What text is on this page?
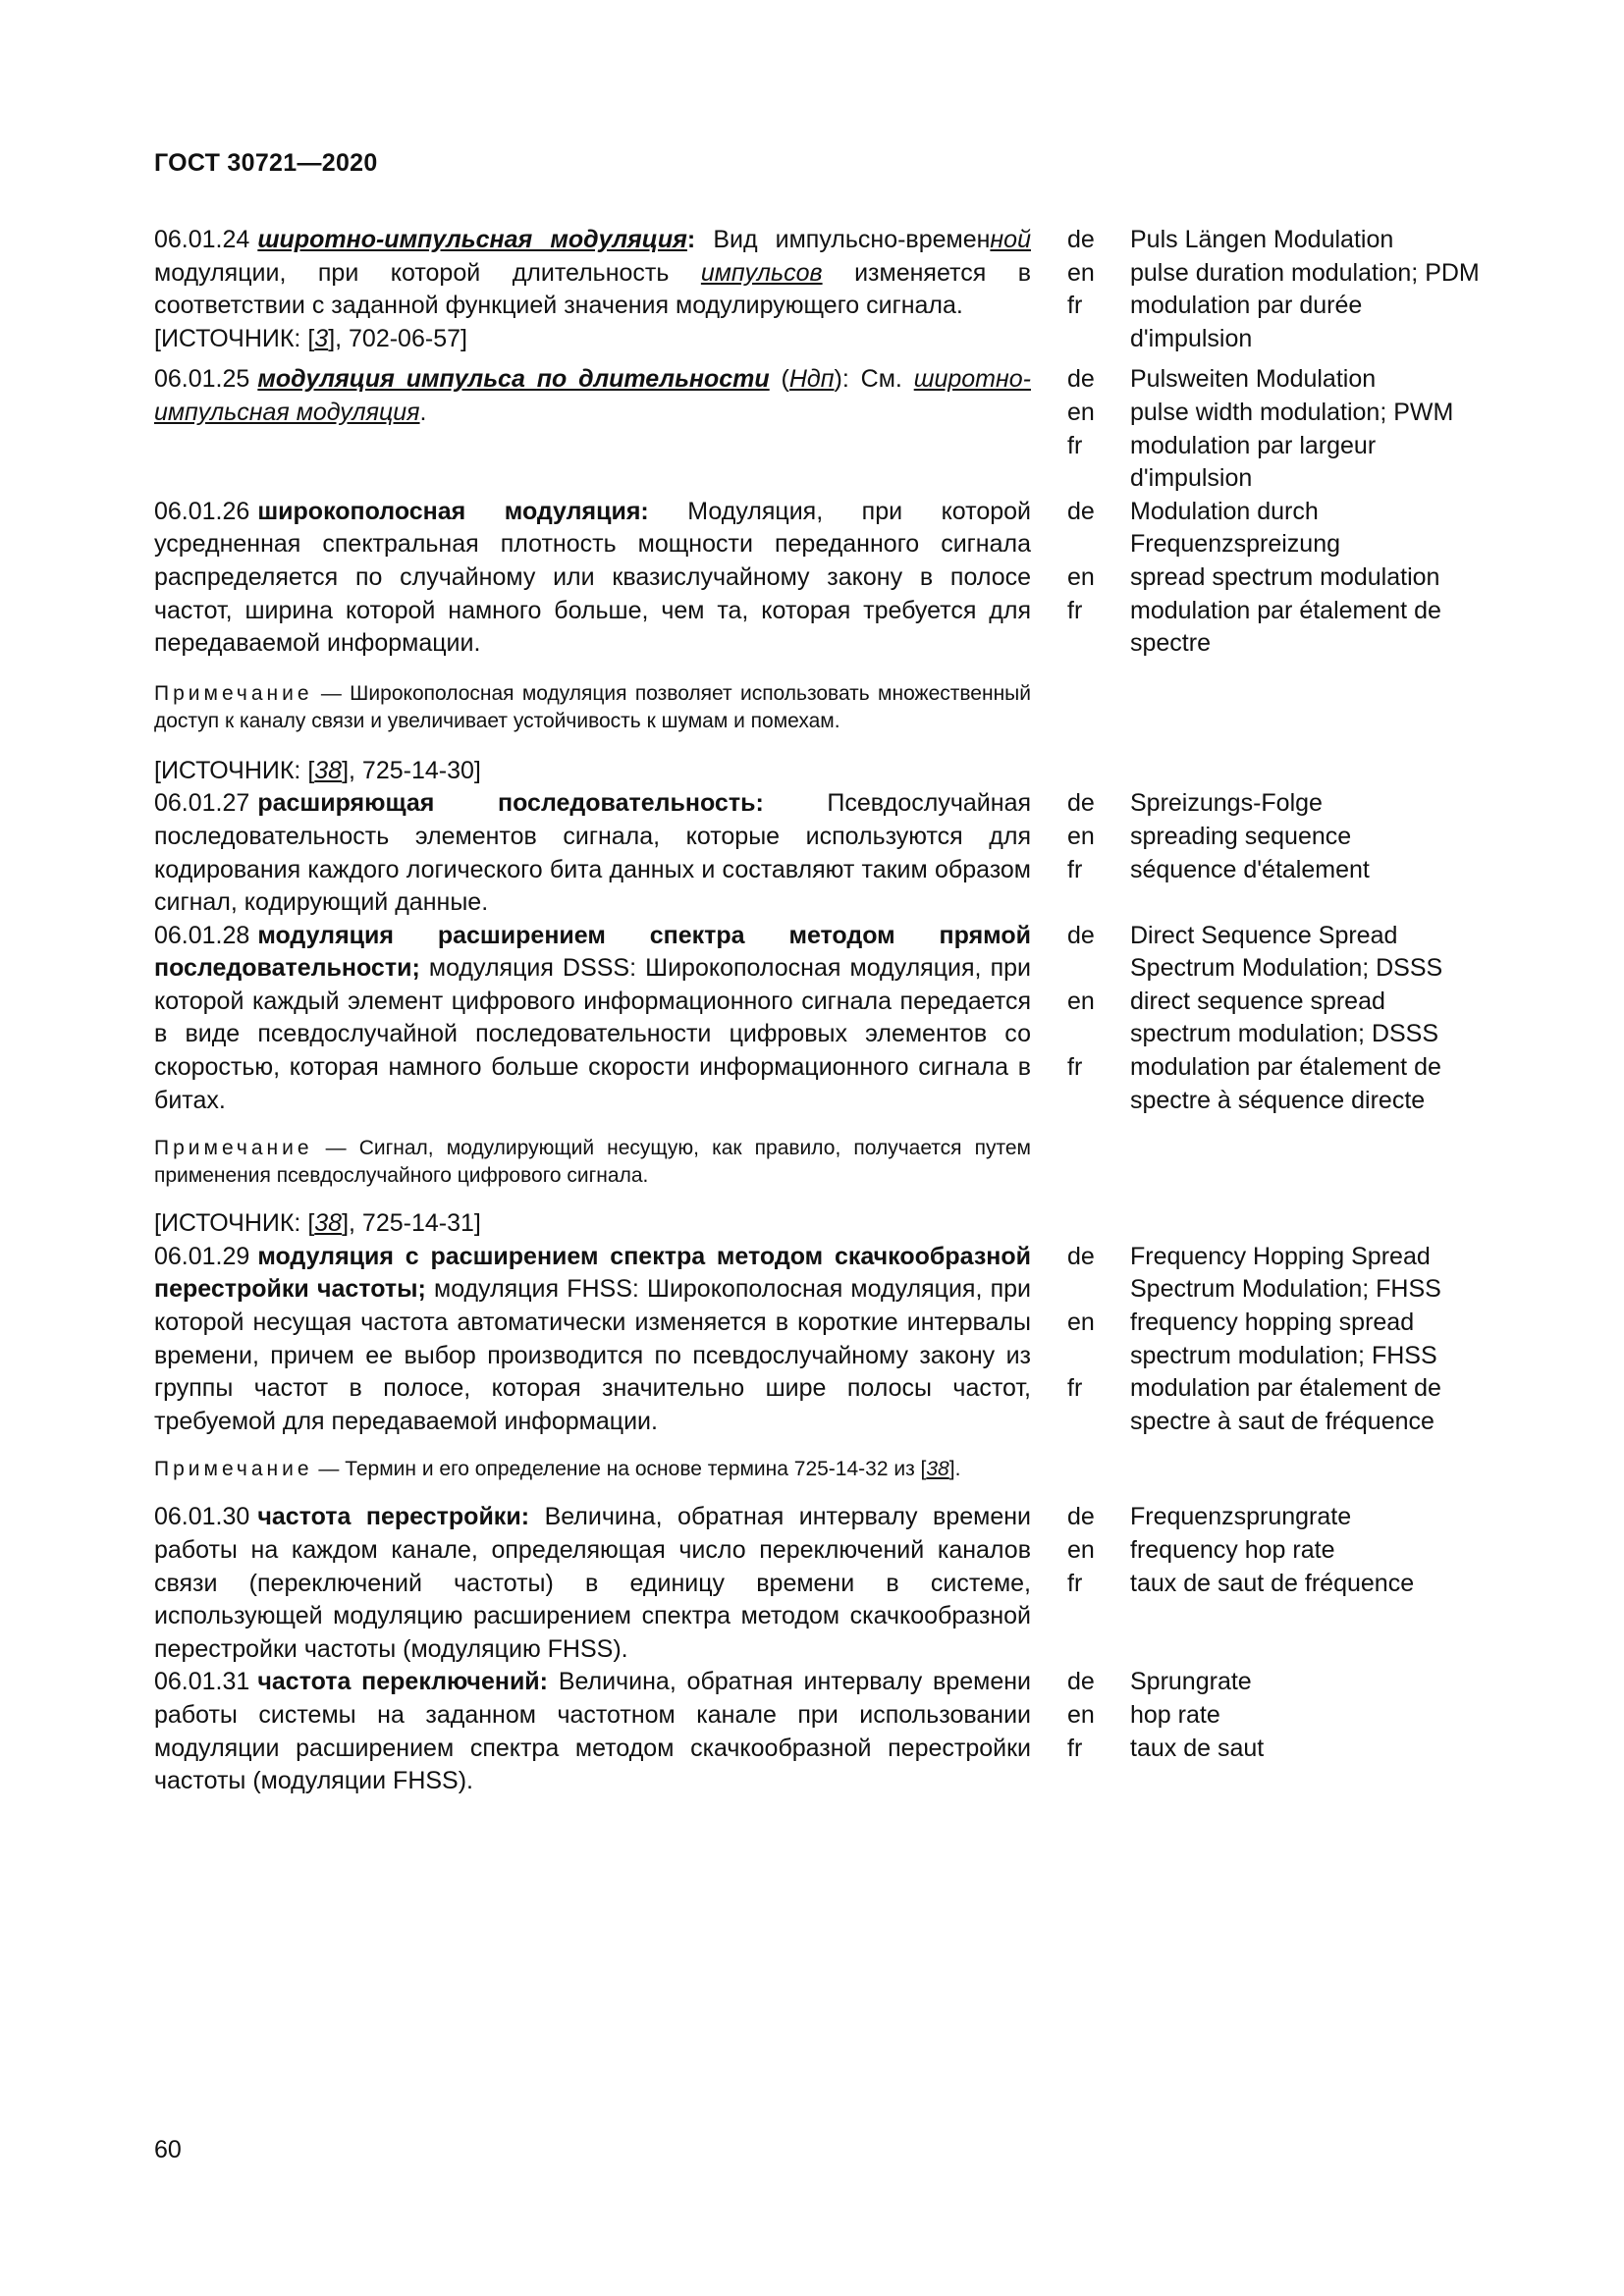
ГОСТ 30721—2020
06.01.24 широтно-импульсная модуляция: Вид импульсно-временной модуляции, при которой длительность импульсов изменяется в соответствии с заданной функцией значения модулирующего сигнала.
[ИСТОЧНИК: [3], 702-06-57]
de	Puls Längen Modulation
en	pulse duration modulation; PDM
fr	modulation par durée d'impulsion
06.01.25 модуляция импульса по длительности (Ндп): См. широтно-импульсная модуляция.
de	Pulsweiten Modulation
en	pulse width modulation; PWM
fr	modulation par largeur d'impulsion
06.01.26 широкополосная модуляция: Модуляция, при которой усредненная спектральная плотность мощности переданного сигнала распределяется по случайному или квазислучайному закону в полосе частот, ширина которой намного больше, чем та, которая требуется для передаваемой информации.
de	Modulation durch Frequenzspreizung
en	spread spectrum modulation
fr	modulation par étalement de spectre
Примечание — Широкополосная модуляция позволяет использовать множественный доступ к каналу связи и увеличивает устойчивость к шумам и помехам.
[ИСТОЧНИК: [38], 725-14-30]
06.01.27 расширяющая последовательность:	Псевдослучайная последовательность элементов сигнала, которые используются для кодирования каждого логического бита данных и составляют таким образом сигнал, кодирующий данные.
de	Spreizungs-Folge
en	spreading sequence
fr	séquence d'étalement
06.01.28 модуляция расширением спектра методом прямой последовательности; модуляция DSSS: Широкополосная модуляция, при которой каждый элемент цифрового информационного сигнала передается в виде псевдослучайной последовательности цифровых элементов со скоростью, которая намного больше скорости информационного сигнала в битах.
de	Direct Sequence Spread Spectrum Modulation; DSSS
en	direct sequence spread spectrum modulation; DSSS
fr	modulation par étalement de spectre à séquence directe
Примечание — Сигнал, модулирующий несущую, как правило, получается путем применения псевдослучайного цифрового сигнала.
[ИСТОЧНИК: [38], 725-14-31]
06.01.29 модуляция с расширением спектра методом скачкообразной перестройки частоты; модуляция FHSS: Широкополосная модуляция, при которой несущая частота автоматически изменяется в короткие интервалы времени, причем ее выбор производится по псевдослучайному закону из группы частот в полосе, которая значительно шире полосы частот, требуемой для передаваемой информации.
de	Frequency Hopping Spread Spectrum Modulation; FHSS
en	frequency hopping spread spectrum modulation; FHSS
fr	modulation par étalement de spectre à saut de fréquence
Примечание — Термин и его определение на основе термина 725-14-32 из [38].
06.01.30 частота перестройки: Величина, обратная интервалу времени работы на каждом канале, определяющая число переключений каналов связи (переключений частоты) в единицу времени в системе, использующей модуляцию расширением спектра методом скачкообразной перестройки частоты (модуляцию FHSS).
de	Frequenzsprungrate
en	frequency hop rate
fr	taux de saut de fréquence
06.01.31 частота переключений: Величина, обратная интервалу времени работы системы на заданном частотном канале при использовании модуляции расширением спектра методом скачкообразной перестройки частоты (модуляции FHSS).
de	Sprungrate
en	hop rate
fr	taux de saut
60
